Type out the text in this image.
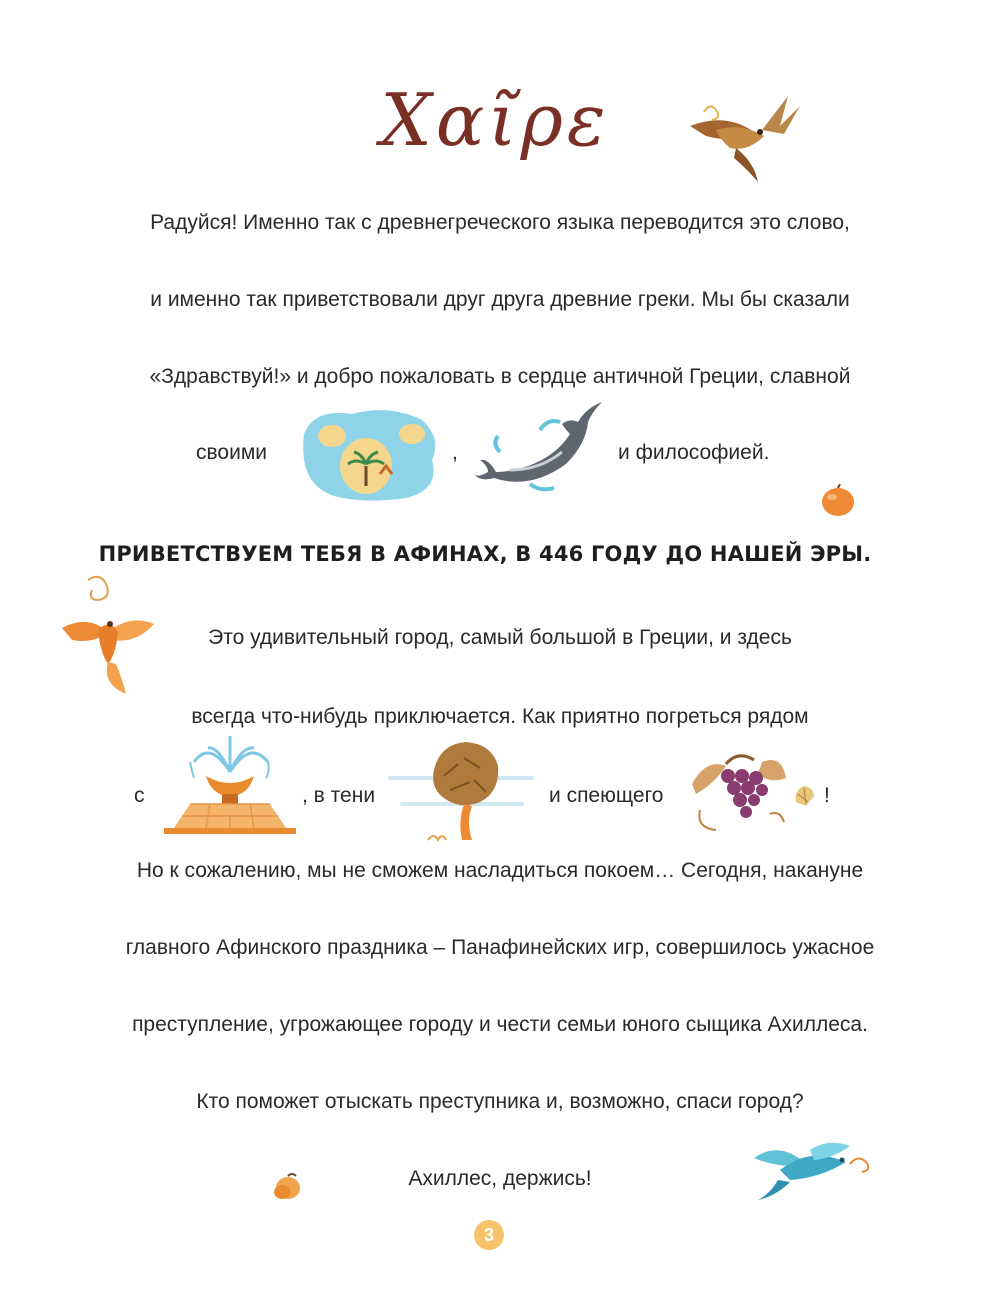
Χαῖρε
Радуйся! Именно так с древнегреческого языка переводится это слово,
и именно так приветствовали друг друга древние греки. Мы бы сказали
«Здравствуй!» и добро пожаловать в сердце античной Греции, славной
своими	,	и философией.
ПРИВЕТСТВУЕМ ТЕБЯ В АФИНАХ, В 446 ГОДУ ДО НАШЕЙ ЭРЫ.
Это удивительный город, самый большой в Греции, и здесь
всегда что-нибудь приключается. Как приятно погреться рядом
с	, в тени	и спеющего	!
Но к сожалению, мы не сможем насладиться покоем… Сегодня, накануне
главного Афинского праздника – Панафинейских игр, совершилось ужасное
преступление, угрожающее городу и чести семьи юного сыщика Ахиллеса.
Кто поможет отыскать преступника и, возможно, спаси город?
Ахиллес, держись!
3
